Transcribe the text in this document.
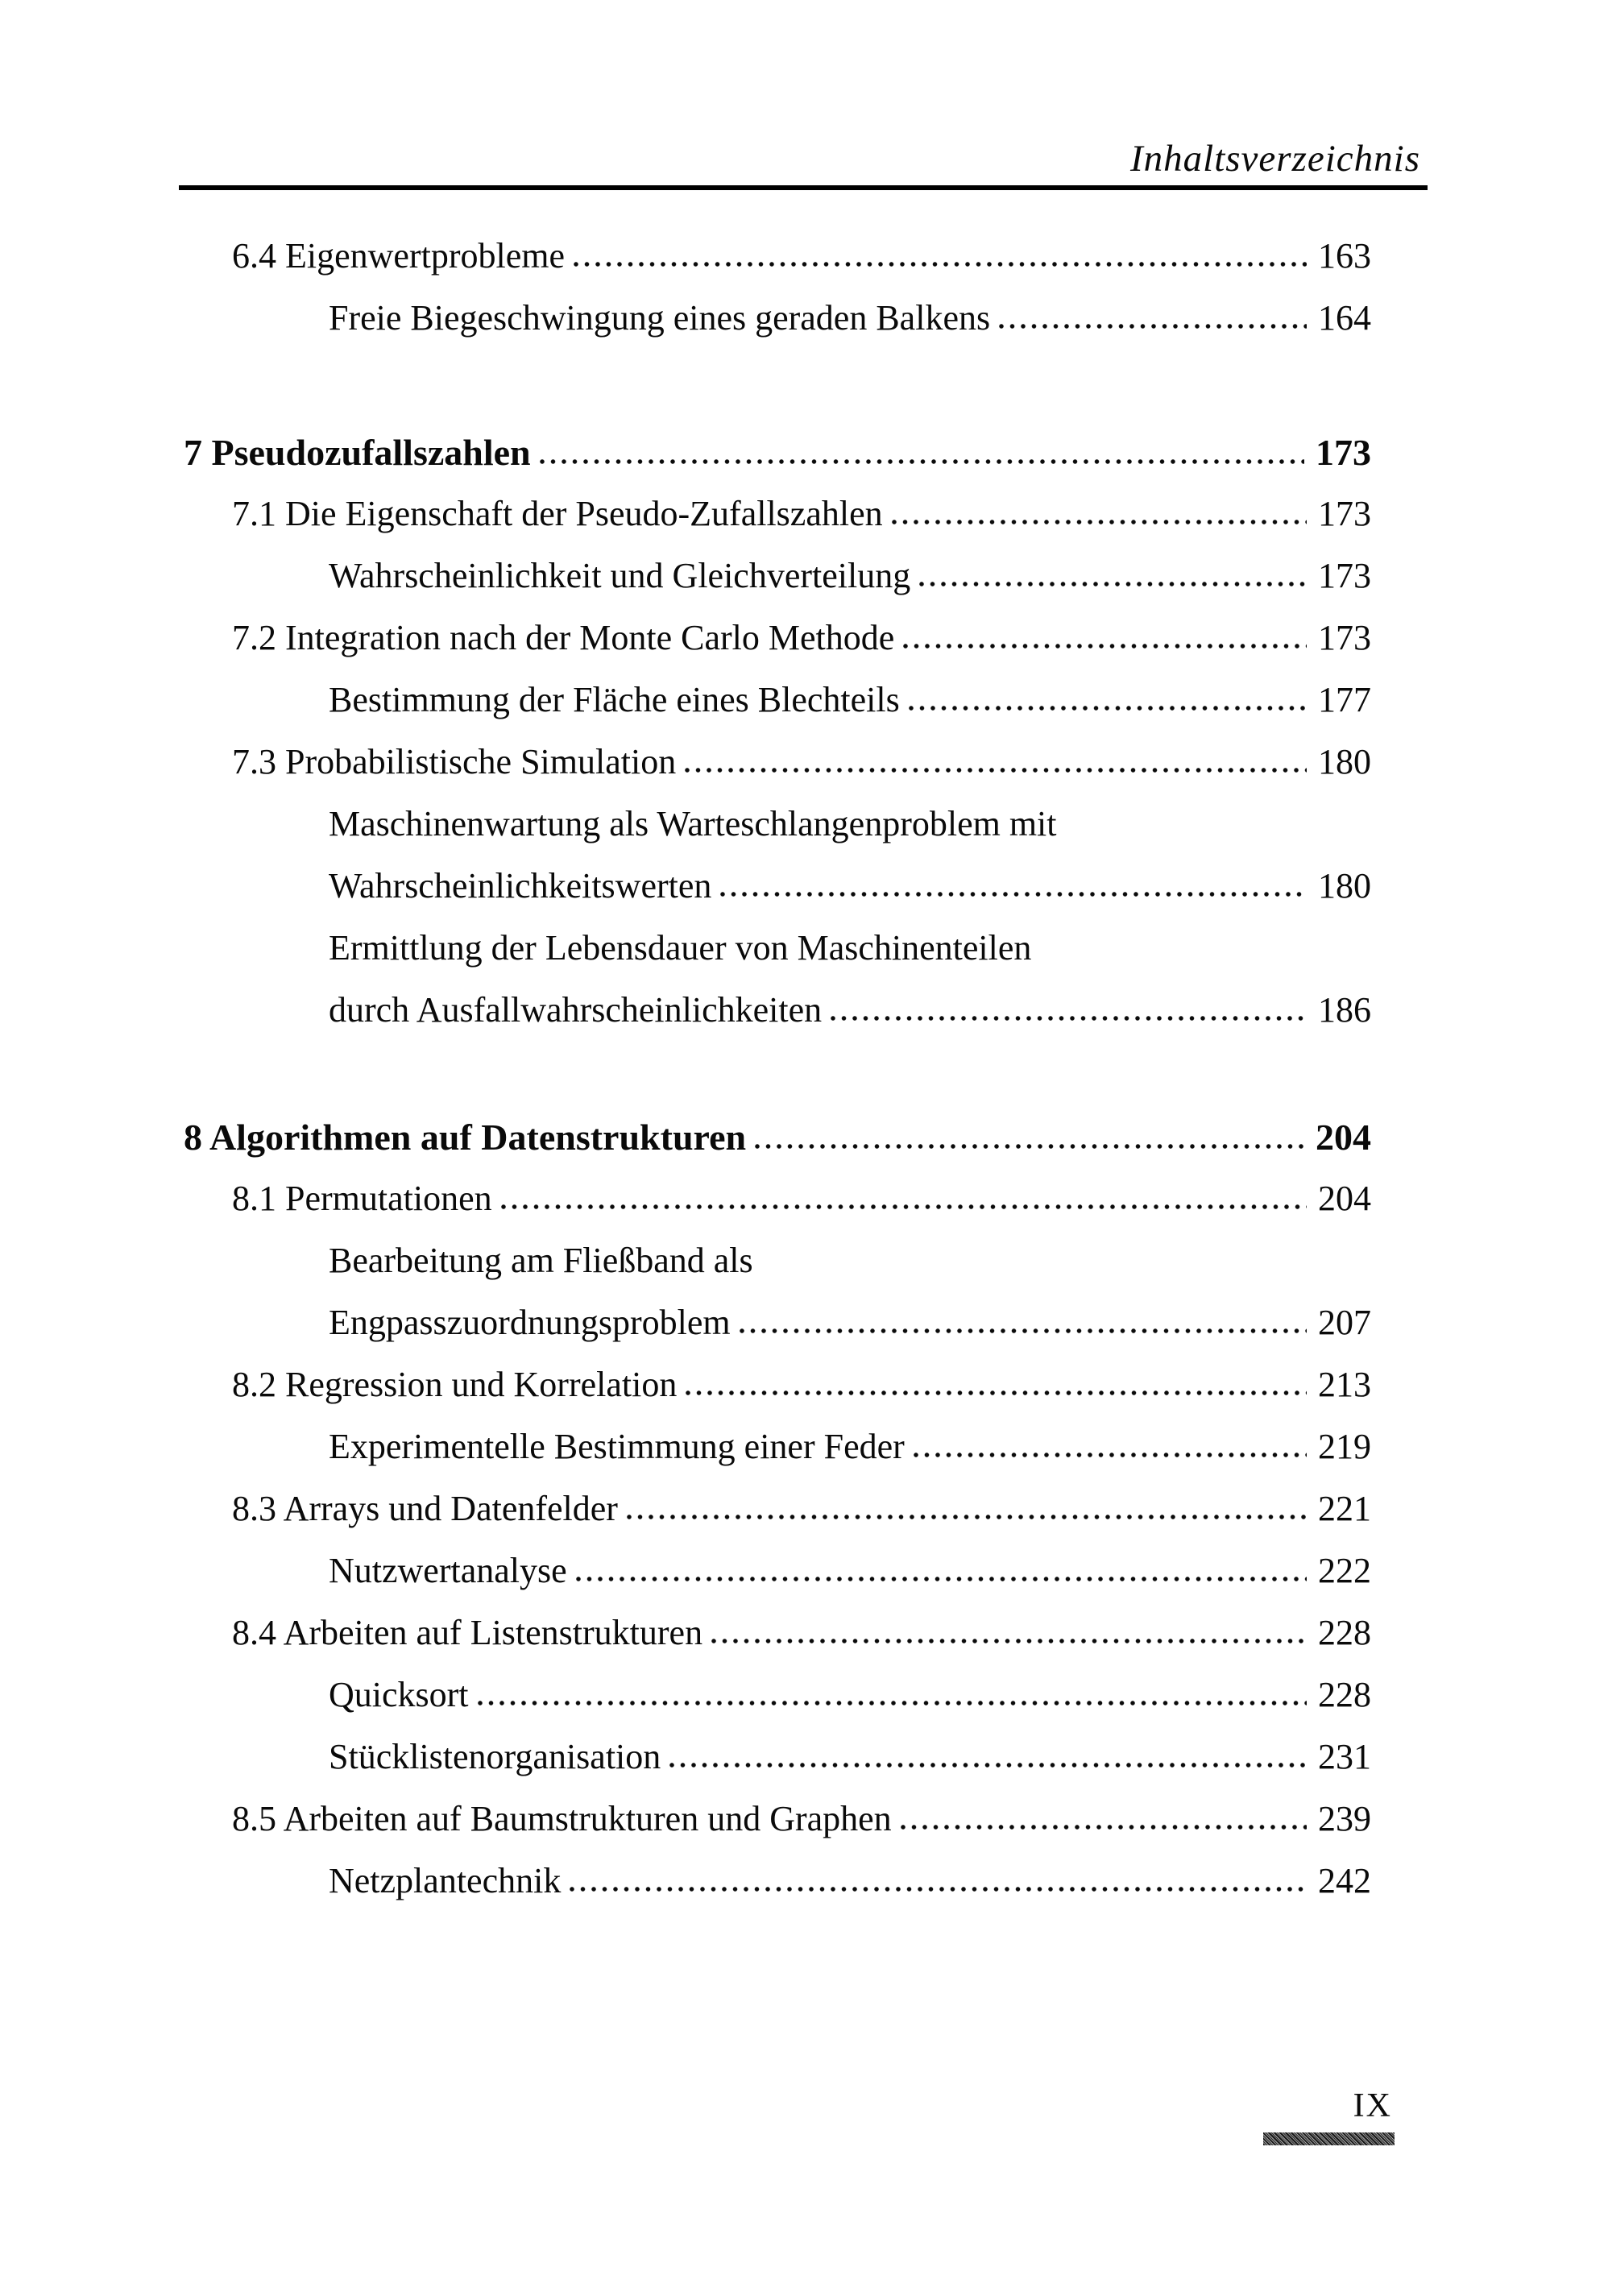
Inhaltsverzeichnis
6.4 Eigenwertprobleme	163
Freie Biegeschwingung eines geraden Balkens	164
7 Pseudozufallszahlen	173
7.1 Die Eigenschaft der Pseudo-Zufallszahlen	173
Wahrscheinlichkeit und Gleichverteilung	173
7.2 Integration nach der Monte Carlo Methode	173
Bestimmung der Fläche eines Blechteils	177
7.3 Probabilistische Simulation	180
Maschinenwartung als Warteschlangenproblem mit
Wahrscheinlichkeitswerten	180
Ermittlung der Lebensdauer von Maschinenteilen
durch Ausfallwahrscheinlichkeiten	186
8 Algorithmen auf Datenstrukturen	204
8.1 Permutationen	204
Bearbeitung am Fließband als
Engpasszuordnungsproblem	207
8.2 Regression und Korrelation	213
Experimentelle Bestimmung einer Feder	219
8.3 Arrays und Datenfelder	221
Nutzwertanalyse	222
8.4 Arbeiten auf Listenstrukturen	228
Quicksort	228
Stücklistenorganisation	231
8.5 Arbeiten auf Baumstrukturen und Graphen	239
Netzplantechnik	242
IX
